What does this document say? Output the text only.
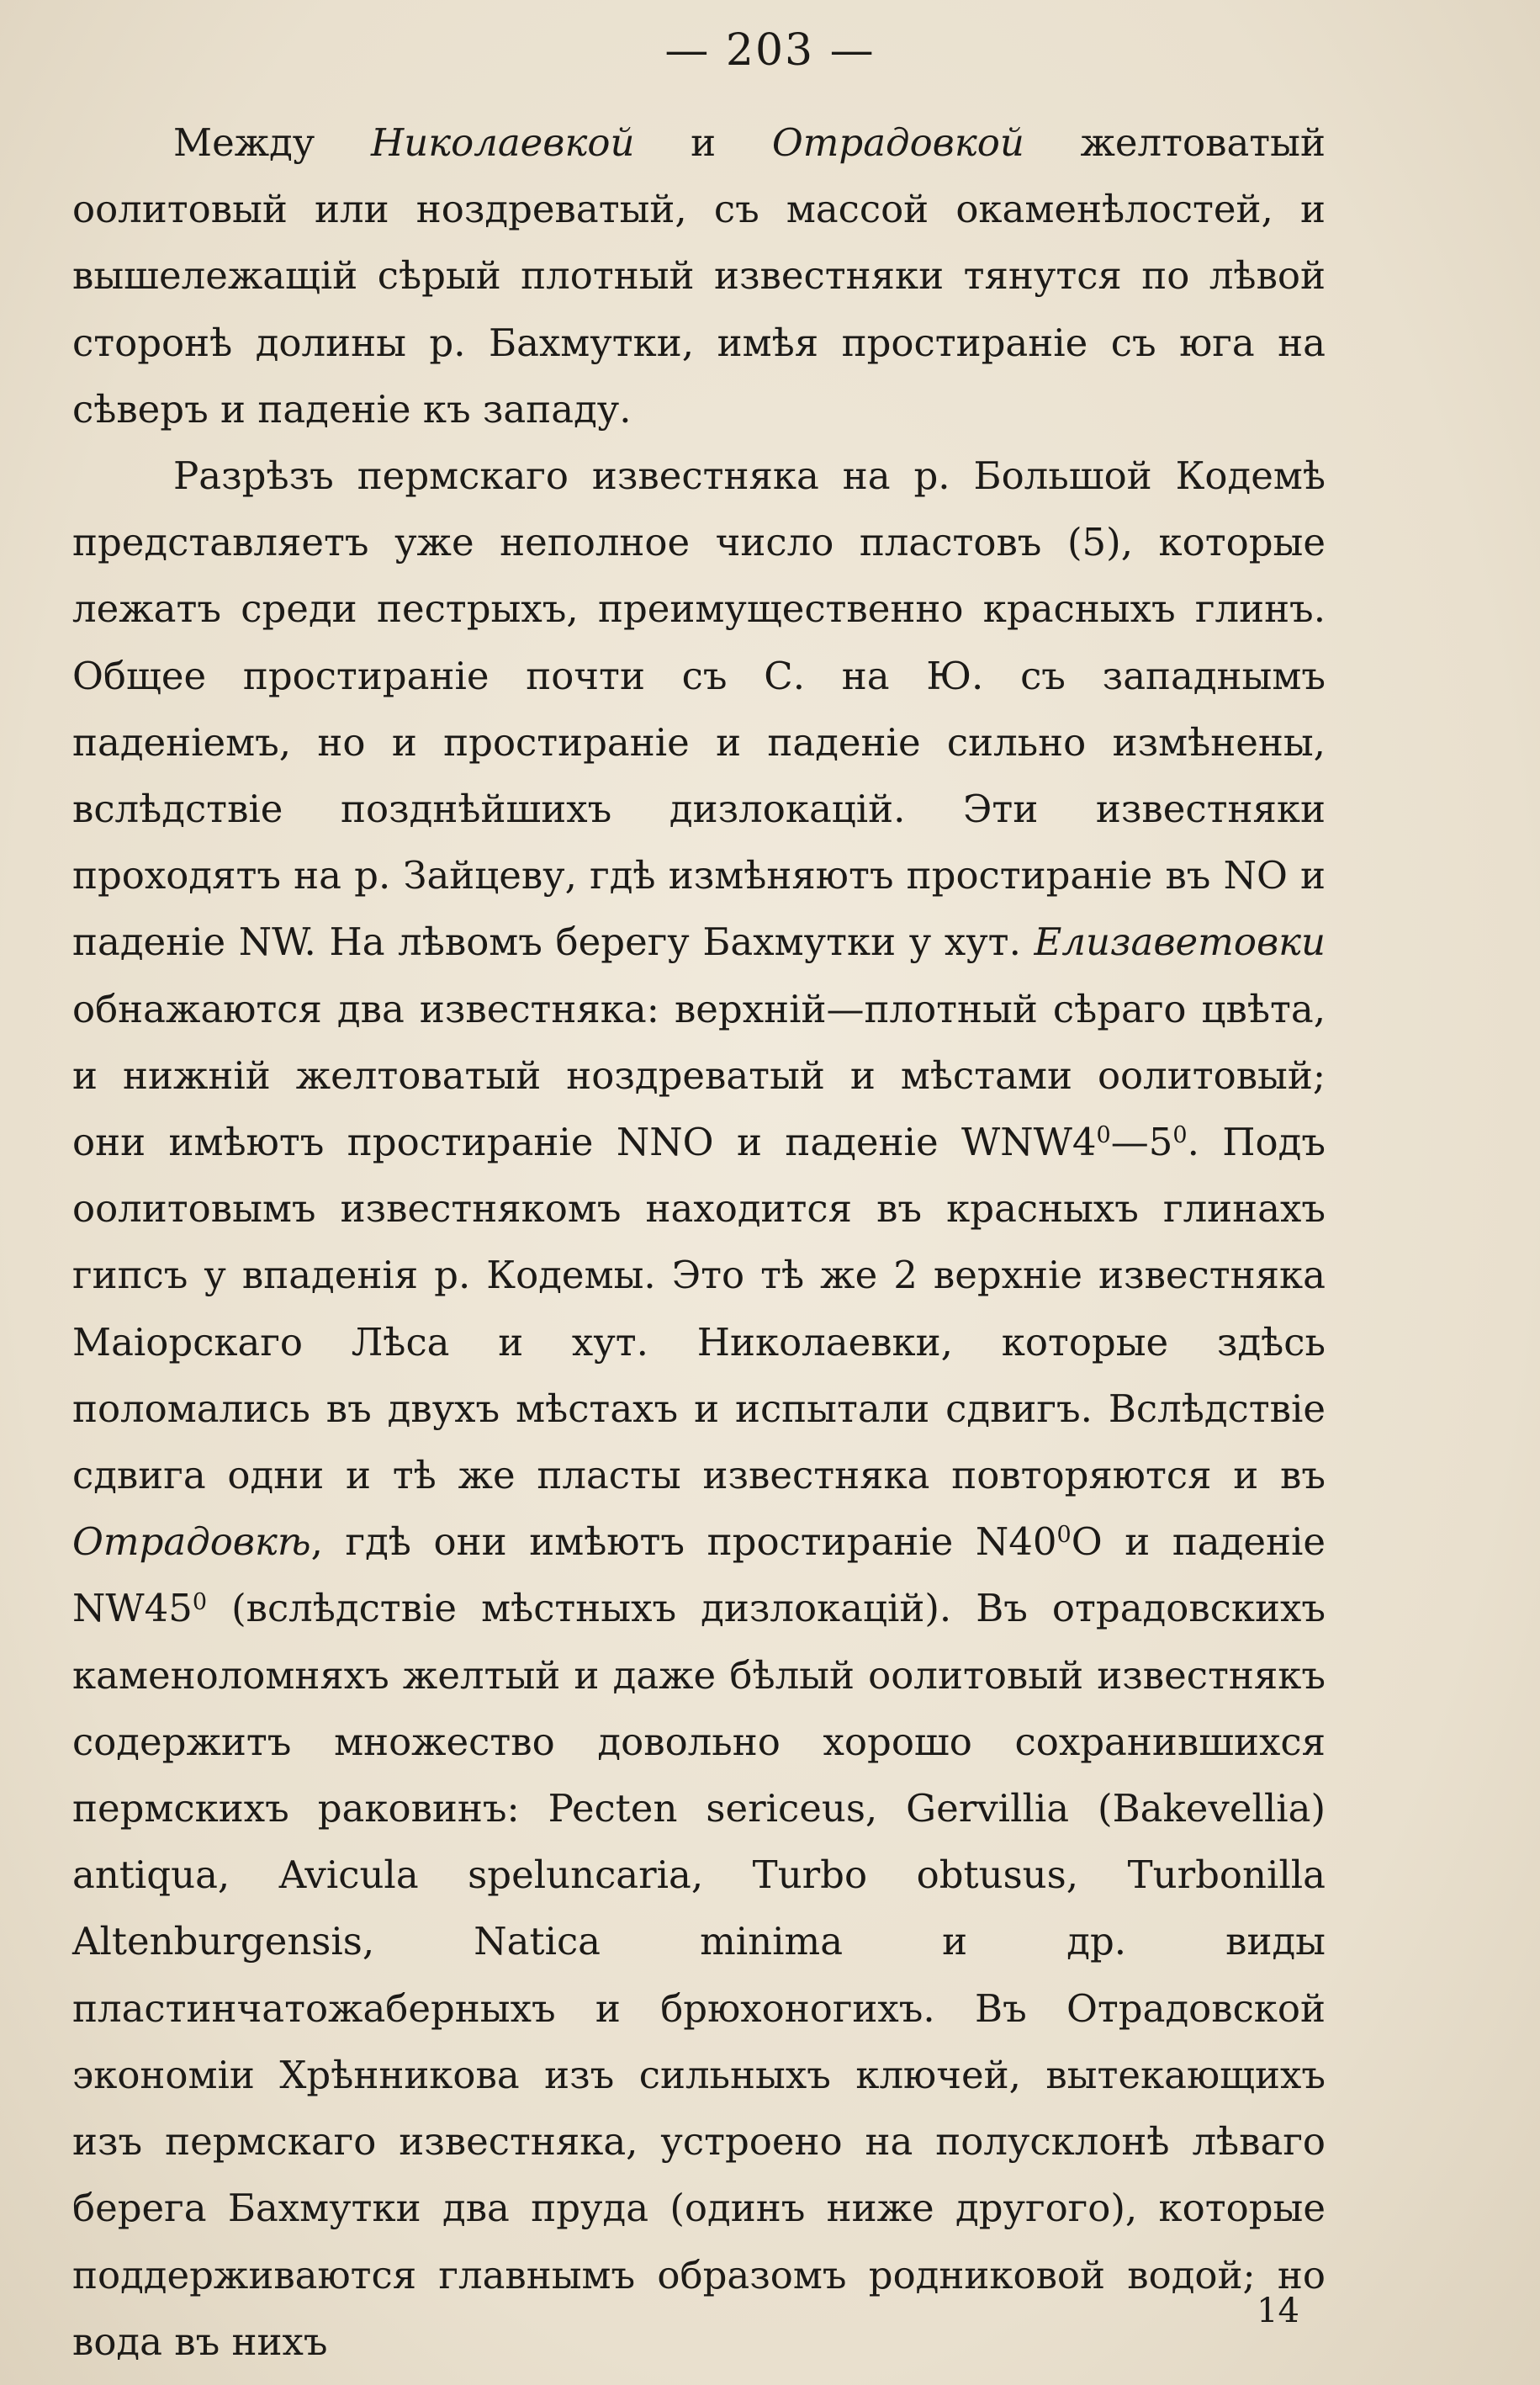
— 203 —

Между Николаевкой и Отрадовкой желтоватый оолитовый или ноздреватый, съ массой окаменѣлостей, и вышележащій сѣрый плотный известняки тянутся по лѣвой сторонѣ долины р. Бахмутки, имѣя простираніе съ юга на сѣверъ и паденіе къ западу.

Разрѣзъ пермскаго известняка на р. Большой Кодемѣ представляетъ уже неполное число пластовъ (5), которые лежатъ среди пестрыхъ, преимущественно красныхъ глинъ. Общее простираніе почти съ С. на Ю. съ западнымъ паденіемъ, но и простираніе и паденіе сильно измѣнены, вслѣдствіе позднѣйшихъ дизлокацій. Эти известняки проходятъ на р. Зайцеву, гдѣ измѣняютъ простираніе въ NO и паденіе NW. На лѣвомъ берегу Бахмутки у хут. Елизаветовки обнажаются два известняка: верхній—плотный сѣраго цвѣта, и нижній желтоватый ноздреватый и мѣстами оолитовый; они имѣютъ простираніе NNO и паденіе $WNW4^0—5^0$. Подъ оолитовымъ известнякомъ находится въ красныхъ глинахъ гипсъ у впаденія р. Кодемы. Это тѣ же 2 верхніе известняка Маіорскаго Лѣса и хут. Николаевки, которые здѣсь поломались въ двухъ мѣстахъ и испытали сдвигъ. Вслѣдствіе сдвига одни и тѣ же пласты известняка повторяются и въ Отрадовкѣ, гдѣ они имѣютъ простираніе $N40^0O$ и паденіе $NW45^0$ (вслѣдствіе мѣстныхъ дизлокацій). Въ отрадовскихъ каменоломняхъ желтый и даже бѣлый оолитовый известнякъ содержитъ множество довольно хорошо сохранившихся пермскихъ раковинъ: Pecten sericeus, Gervillia (Bakevellia) antiqua, Avicula speluncaria, Turbo obtusus, Turbonilla Altenburgensis, Natica minima и др. виды пластинчатожаберныхъ и брюхоногихъ. Въ Отрадовской экономіи Хрѣнникова изъ сильныхъ ключей, вытекающихъ изъ пермскаго известняка, устроено на полусклонѣ лѣваго берега Бахмутки два пруда (одинъ ниже другого), которые поддерживаются главнымъ образомъ родниковой водой; но вода въ нихъ

14
